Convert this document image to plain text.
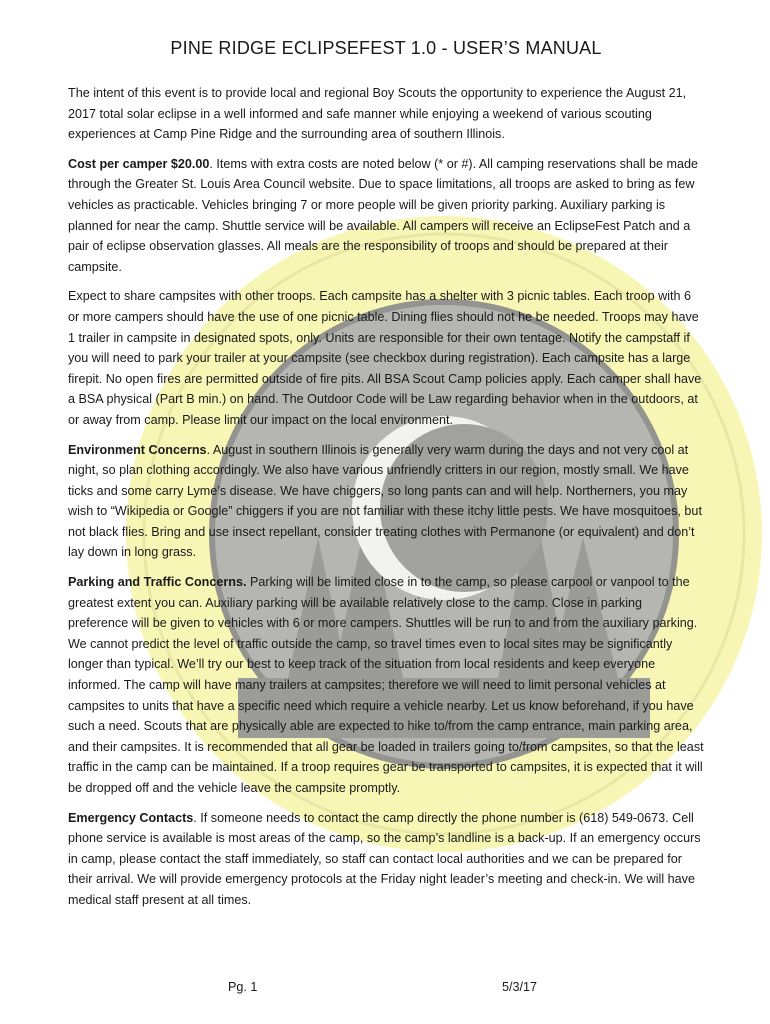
PINE RIDGE ECLIPSEFEST 1.0 - USER’S MANUAL

The intent of this event is to provide local and regional Boy Scouts the opportunity to experience the August 21, 2017 total solar eclipse in a well informed and safe manner while enjoying a weekend of various scouting experiences at Camp Pine Ridge and the surrounding area of southern Illinois.

Cost per camper $20.00. Items with extra costs are noted below (* or #). All camping reservations shall be made through the Greater St. Louis Area Council website. Due to space limitations, all troops are asked to bring as few vehicles as practicable. Vehicles bringing 7 or more people will be given priority parking. Auxiliary parking is planned for near the camp. Shuttle service will be available. All campers will receive an EclipseFest Patch and a pair of eclipse observation glasses. All meals are the responsibility of troops and should be prepared at their campsite.

Expect to share campsites with other troops. Each campsite has a shelter with 3 picnic tables. Each troop with 6 or more campers should have the use of one picnic table. Dining flies should not he be needed. Troops may have 1 trailer in campsite in designated spots, only. Units are responsible for their own tentage. Notify the campstaff if you will need to park your trailer at your campsite (see checkbox during registration). Each campsite has a large firepit. No open fires are permitted outside of fire pits. All BSA Scout Camp policies apply. Each camper shall have a BSA physical (Part B min.) on hand. The Outdoor Code will be Law regarding behavior when in the outdoors, at or away from camp. Please limit our impact on the local environment.

Environment Concerns. August in southern Illinois is generally very warm during the days and not very cool at night, so plan clothing accordingly. We also have various unfriendly critters in our region, mostly small. We have ticks and some carry Lyme’s disease. We have chiggers, so long pants can and will help. Northerners, you may wish to “Wikipedia or Google” chiggers if you are not familiar with these itchy little pests. We have mosquitoes, but not black flies. Bring and use insect repellant, consider treating clothes with Permanone (or equivalent) and don’t lay down in long grass.

Parking and Traffic Concerns. Parking will be limited close in to the camp, so please carpool or vanpool to the greatest extent you can. Auxiliary parking will be available relatively close to the camp. Close in parking preference will be given to vehicles with 6 or more campers. Shuttles will be run to and from the auxiliary parking. We cannot predict the level of traffic outside the camp, so travel times even to local sites may be significantly longer than typical. We’ll try our best to keep track of the situation from local residents and keep everyone informed. The camp will have many trailers at campsites; therefore we will need to limit personal vehicles at campsites to units that have a specific need which require a vehicle nearby. Let us know beforehand, if you have such a need. Scouts that are physically able are expected to hike to/from the camp entrance, main parking area, and their campsites. It is recommended that all gear be loaded in trailers going to/from campsites, so that the least traffic in the camp can be maintained. If a troop requires gear be transported to campsites, it is expected that it will be dropped off and the vehicle leave the campsite promptly.

Emergency Contacts. If someone needs to contact the camp directly the phone number is (618) 549-0673. Cell phone service is available is most areas of the camp, so the camp’s landline is a back-up. If an emergency occurs in camp, please contact the staff immediately, so staff can contact local authorities and we can be prepared for their arrival. We will provide emergency protocols at the Friday night leader’s meeting and check-in. We will have medical staff present at all times.

Pg. 1	5/3/17
